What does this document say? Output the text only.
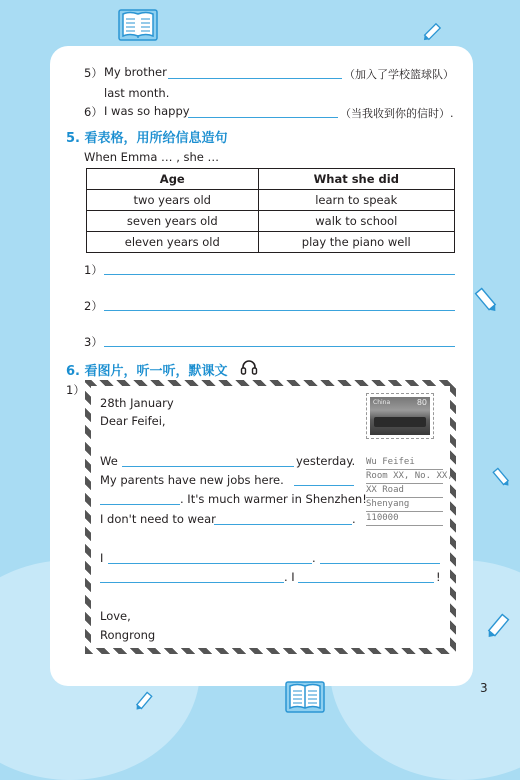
5） My brother	（加入了学校篮球队）
last month.
6） I was so happy	（当我收到你的信时）.
5. 看表格，用所给信息造句
When Emma … , she …
Age	What she did
two years old	learn to speak
seven years old	walk to school
eleven years old	play the piano well
1）
2）
3）
6. 看图片，听一听，默课文
1）
28th January
Dear Feifei,
We	yesterday.
My parents have new jobs here.
. It's much warmer in Shenzhen!
I don't need to wear	.
I	.
. I	!
Love,
Rongrong
China	80
Wu Feifei
Room XX, No. XX,
XX Road
Shenyang
110000
3
